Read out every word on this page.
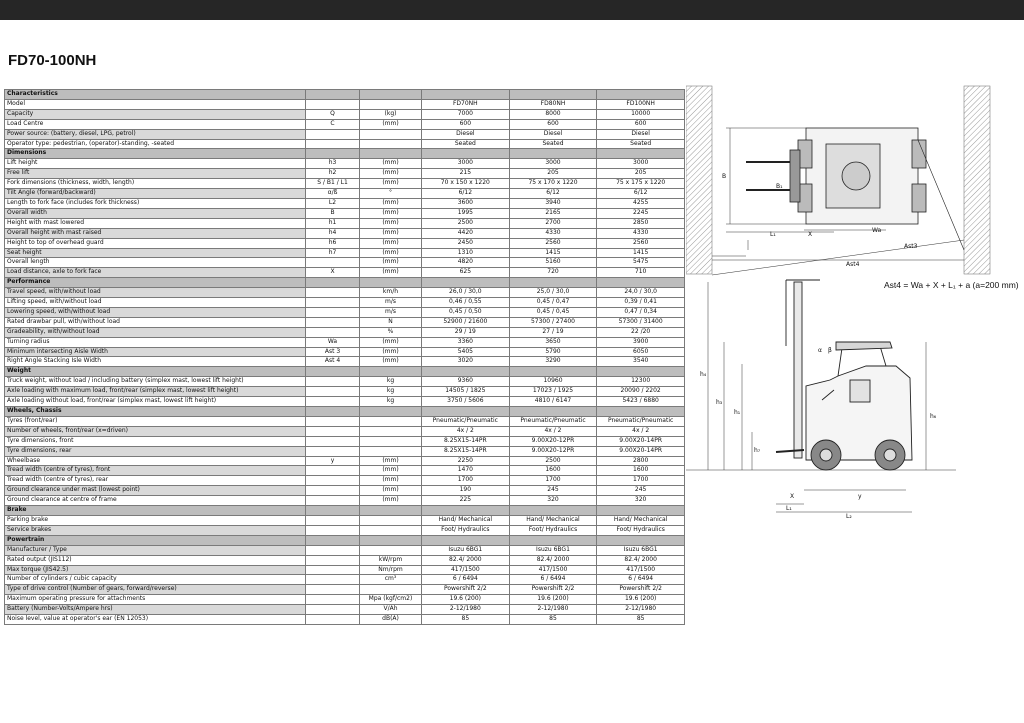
FD70-100NH
Characteristics					
Model			FD70NH	FD80NH	FD100NH
Capacity	Q	(kg)	7000	8000	10000
Load Centre	C	(mm)	600	600	600
Power source: (battery, diesel, LPG, petrol)			Diesel	Diesel	Diesel
Operator type: pedestrian, (operator)-standing, -seated			Seated	Seated	Seated
Dimensions					
Lift height	h3	(mm)	3000	3000	3000
Free lift	h2	(mm)	215	205	205
Fork dimensions (thickness, width, length)	S / B1 / L1	(mm)	70 x 150 x 1220	75 x 170 x 1220	75 x 175 x 1220
Tilt Angle (forward/backward)	α/ß	°	6/12	6/12	6/12
Length to fork face (includes fork thickness)	L2	(mm)	3600	3940	4255
Overall width	B	(mm)	1995	2165	2245
Height with mast lowered	h1	(mm)	2500	2700	2850
Overall height with mast raised	h4	(mm)	4420	4330	4330
Height to top of overhead guard	h6	(mm)	2450	2560	2560
Seat height	h7	(mm)	1310	1415	1415
Overall length		(mm)	4820	5160	5475
Load distance, axle to fork face	X	(mm)	625	720	710
Performance					
Travel speed, with/without load		km/h	26,0 / 30,0	25,0 / 30,0	24,0 / 30,0
Lifting speed, with/without load		m/s	0,46 / 0,55	0,45 / 0,47	0,39 / 0,41
Lowering speed, with/without load		m/s	0,45 / 0,50	0,45 / 0,45	0,47 / 0,34
Rated drawbar pull, with/without load		N	52900 / 21600	57300 / 27400	57300 / 31400
Gradeability, with/without load		%	29 / 19	27 / 19	22 /20
Turning radius	Wa	(mm)	3360	3650	3900
Minimum intersecting Aisle Width	Ast 3	(mm)	5405	5790	6050
Right Angle Stacking Isle Width	Ast 4	(mm)	3020	3290	3540
Weight					
Truck weight, without load / including battery (simplex mast, lowest lift height)		kg	9360	10960	12300
Axle loading with maximum load, front/rear (simplex mast, lowest lift height)		kg	14505 / 1825	17023 / 1925	20090 / 2202
Axle loading without load, front/rear (simplex mast, lowest lift height)		kg	3750 / 5606	4810 / 6147	5423 / 6880
Wheels, Chassis					
Tyres (front/rear)			Pneumatic/Pneumatic	Pneumatic/Pneumatic	Pneumatic/Pneumatic
Number of wheels, front/rear (x=driven)			4x / 2	4x / 2	4x / 2
Tyre dimensions, front			8.25X15-14PR	9.00X20-12PR	9.00X20-14PR
Tyre dimensions, rear			8.25X15-14PR	9.00X20-12PR	9.00X20-14PR
Wheelbase	y	(mm)	2250	2500	2800
Tread width (centre of tyres), front		(mm)	1470	1600	1600
Tread width (centre of tyres), rear		(mm)	1700	1700	1700
Ground clearance under mast (lowest point)		(mm)	190	245	245
Ground clearance at centre of frame		(mm)	225	320	320
Brake					
Parking brake			Hand/ Mechanical	Hand/ Mechanical	Hand/ Mechanical
Service brakes			Foot/ Hydraulics	Foot/ Hydraulics	Foot/ Hydraulics
Powertrain					
Manufacturer / Type			Isuzu 6BG1	Isuzu 6BG1	Isuzu 6BG1
Rated output (JIS112)		kW/rpm	82.4/ 2000	82.4/ 2000	82.4/ 2000
Max torque (JIS42.5)		Nm/rpm	417/1500	417/1500	417/1500
Number of cylinders / cubic capacity		cm³	6 / 6494	6 / 6494	6 / 6494
Type of drive control (Number of gears, forward/reverse)			Powershift 2/2	Powershift 2/2	Powershift 2/2
Maximum operating pressure for attachments		Mpa (kgf/cm2)	19.6 (200)	19.6 (200)	19.6 (200)
Battery (Number-Volts/Ampere hrs)		V/Ah	2-12/1980	2-12/1980	2-12/1980
Noise level, value at operator's ear (EN 12053)		dB(A)	85	85	85
B
B₁
L₁	X
Wa
Ast3
Ast4
h₄
h₃
h₁
h₆
h₇
α β
X	y
L₁
L₂
Ast4 = Wa + X + L₁ + a (a=200 mm)
